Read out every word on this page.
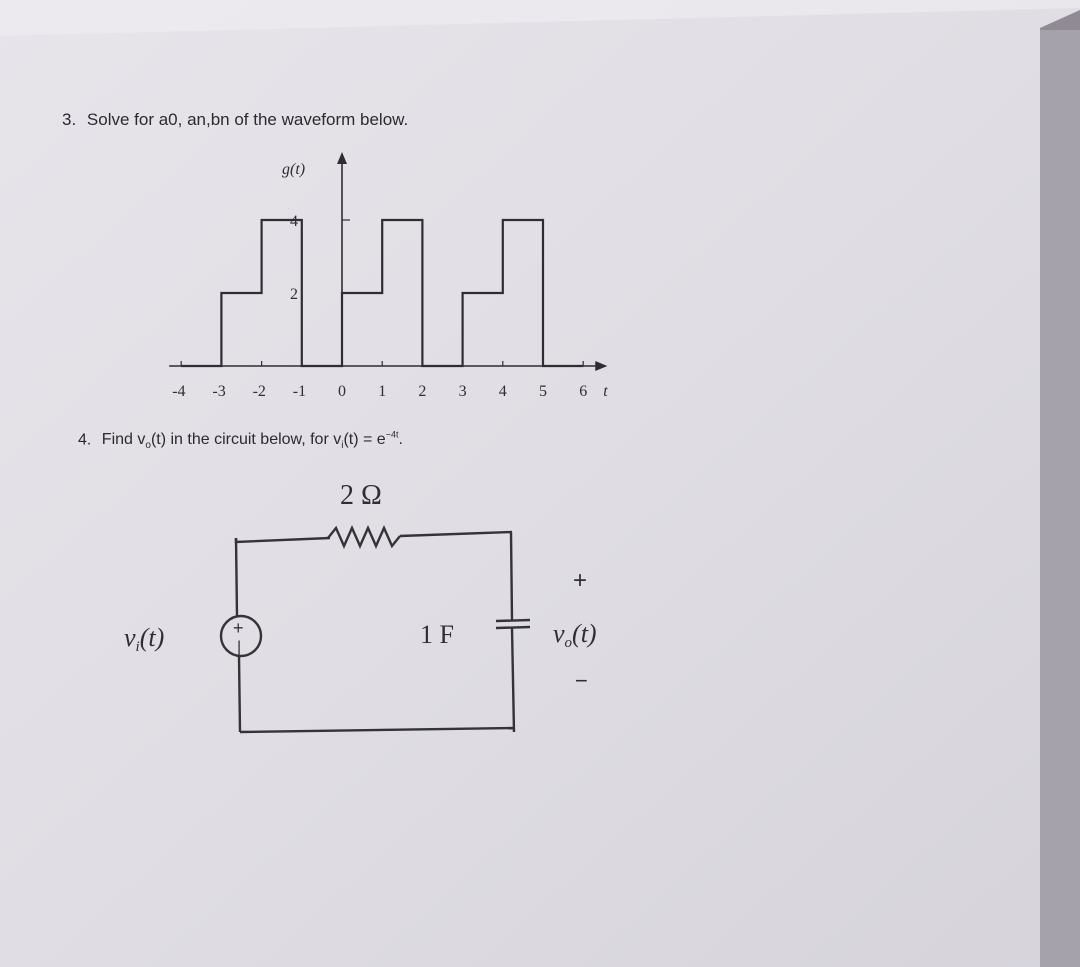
3. Solve for a0, an,bn of the waveform below.
-4 -3 -2 -1 0 1 2 3 4 5 6 t
4
2
g(t)
4. Find $v_o(t)$ in the circuit below, for $v_i(t) = e^{-4t}$.
+
|
2 Ω
1 F
vi(t)
+
vo(t)
−
